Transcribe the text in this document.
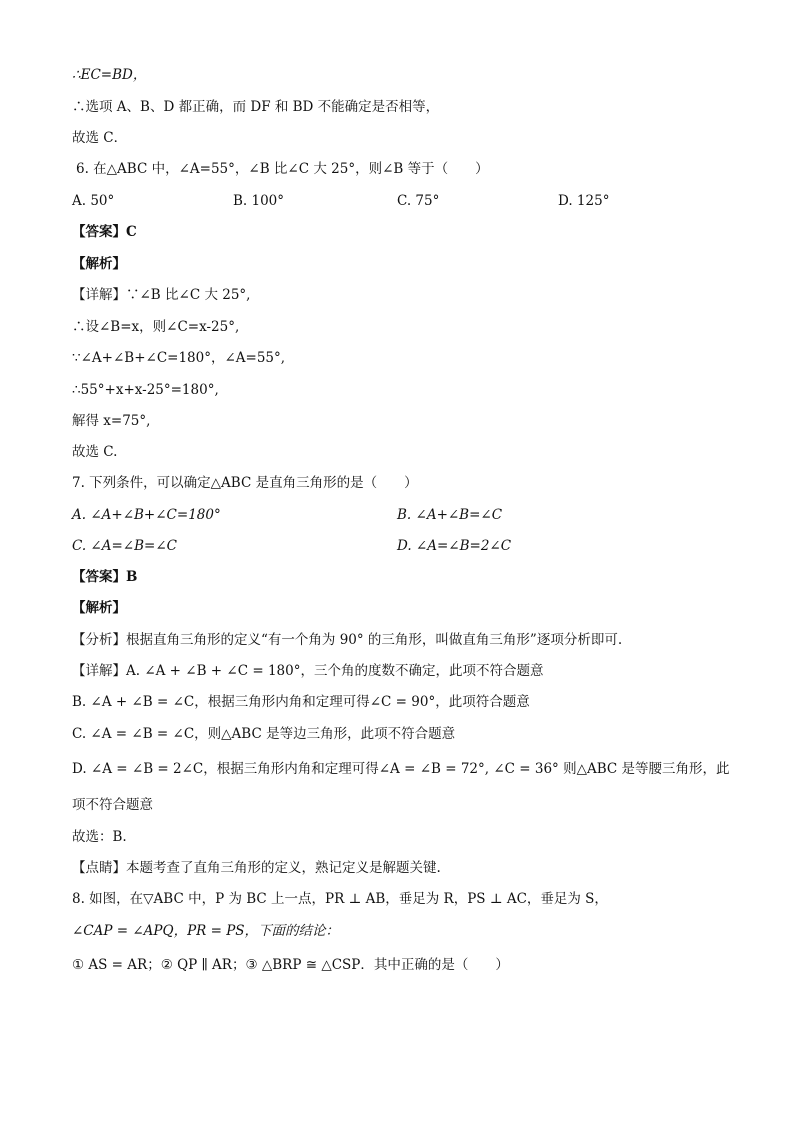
∴EC=BD，
∴选项 A、B、D 都正确，而 DF 和 BD 不能确定是否相等，
故选 C．
6. 在△ABC 中，∠A=55°，∠B 比∠C 大 25°，则∠B 等于（　　）
A. 50°	B. 100°	C. 75°	D. 125°
【答案】C
【解析】
【详解】∵∠B 比∠C 大 25°,
∴设∠B=x，则∠C=x-25°,
∵∠A+∠B+∠C=180°，∠A=55°,
∴55°+x+x-25°=180°,
解得 x=75°,
故选 C.
7. 下列条件，可以确定△ABC 是直角三角形的是（　　）
A. ∠A+∠B+∠C=180°	B. ∠A+∠B=∠C
C. ∠A=∠B=∠C	D. ∠A=∠B=2∠C
【答案】B
【解析】
【分析】根据直角三角形的定义“有一个角为 90° 的三角形，叫做直角三角形”逐项分析即可.
【详解】A. ∠A + ∠B + ∠C = 180°，三个角的度数不确定，此项不符合题意
B. ∠A + ∠B = ∠C，根据三角形内角和定理可得∠C = 90°，此项符合题意
C. ∠A = ∠B = ∠C，则△ABC 是等边三角形，此项不符合题意
D. ∠A = ∠B = 2∠C，根据三角形内角和定理可得∠A = ∠B = 72°, ∠C = 36° 则△ABC 是等腰三角形，此
项不符合题意
故选：B.
【点睛】本题考查了直角三角形的定义，熟记定义是解题关键.
8. 如图，在▽ABC 中，P 为 BC 上一点，PR ⊥ AB，垂足为 R，PS ⊥ AC，垂足为 S，
∠CAP = ∠APQ，PR = PS，下面的结论：
① AS = AR；② QP ∥ AR；③ △BRP ≅ △CSP．其中正确的是（　　）
